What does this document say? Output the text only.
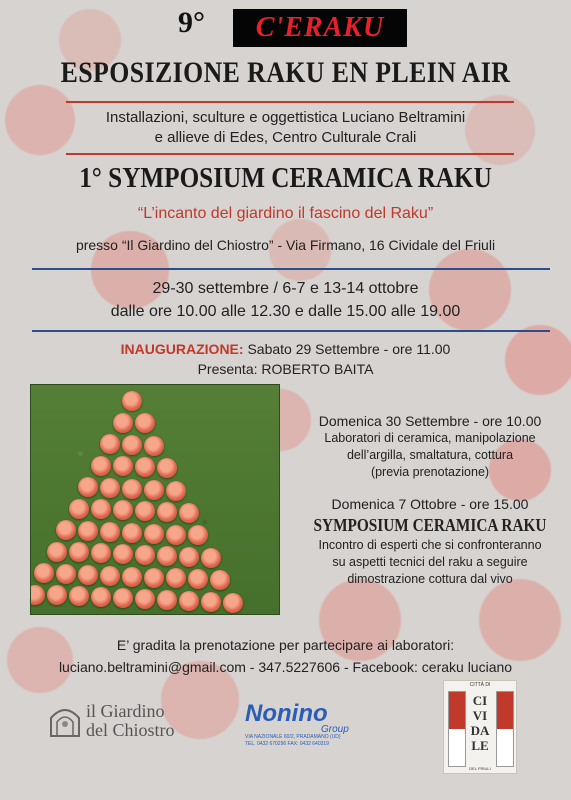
9°	C'ERAKU
ESPOSIZIONE RAKU EN PLEIN AIR
Installazioni, sculture e oggettistica Luciano Beltramini
e allieve di Edes, Centro Culturale Crali
1° SYMPOSIUM CERAMICA RAKU
“L’incanto del giardino il fascino del Raku”
presso “Il Giardino del Chiostro” - Via Firmano, 16 Cividale del Friuli
29-30 settembre / 6-7 e 13-14 ottobre
dalle ore 10.00 alle 12.30 e dalle 15.00 alle 19.00
INAUGURAZIONE: Sabato 29 Settembre - ore 11.00
Presenta: ROBERTO BAITA
Domenica 30 Settembre - ore 10.00
Laboratori di ceramica, manipolazione
dell’argilla, smaltatura, cottura
(previa prenotazione)
Domenica 7 Ottobre - ore 15.00
SYMPOSIUM CERAMICA RAKU
Incontro di esperti che si confronteranno
su aspetti tecnici del raku a seguire
dimostrazione cottura dal vivo
E’ gradita la prenotazione per partecipare ai laboratori:
luciano.beltramini@gmail.com - 347.5227606 - Facebook: ceraku luciano
il Giardino
del Chiostro
Nonino
Group
VIA NAZIONALE 60/2, PRADAMANO (UD)
TEL. 0432 670296 FAX: 0432 640319
CITTÀ DI
CI
VI
DA
LE
DEL FRIULI
